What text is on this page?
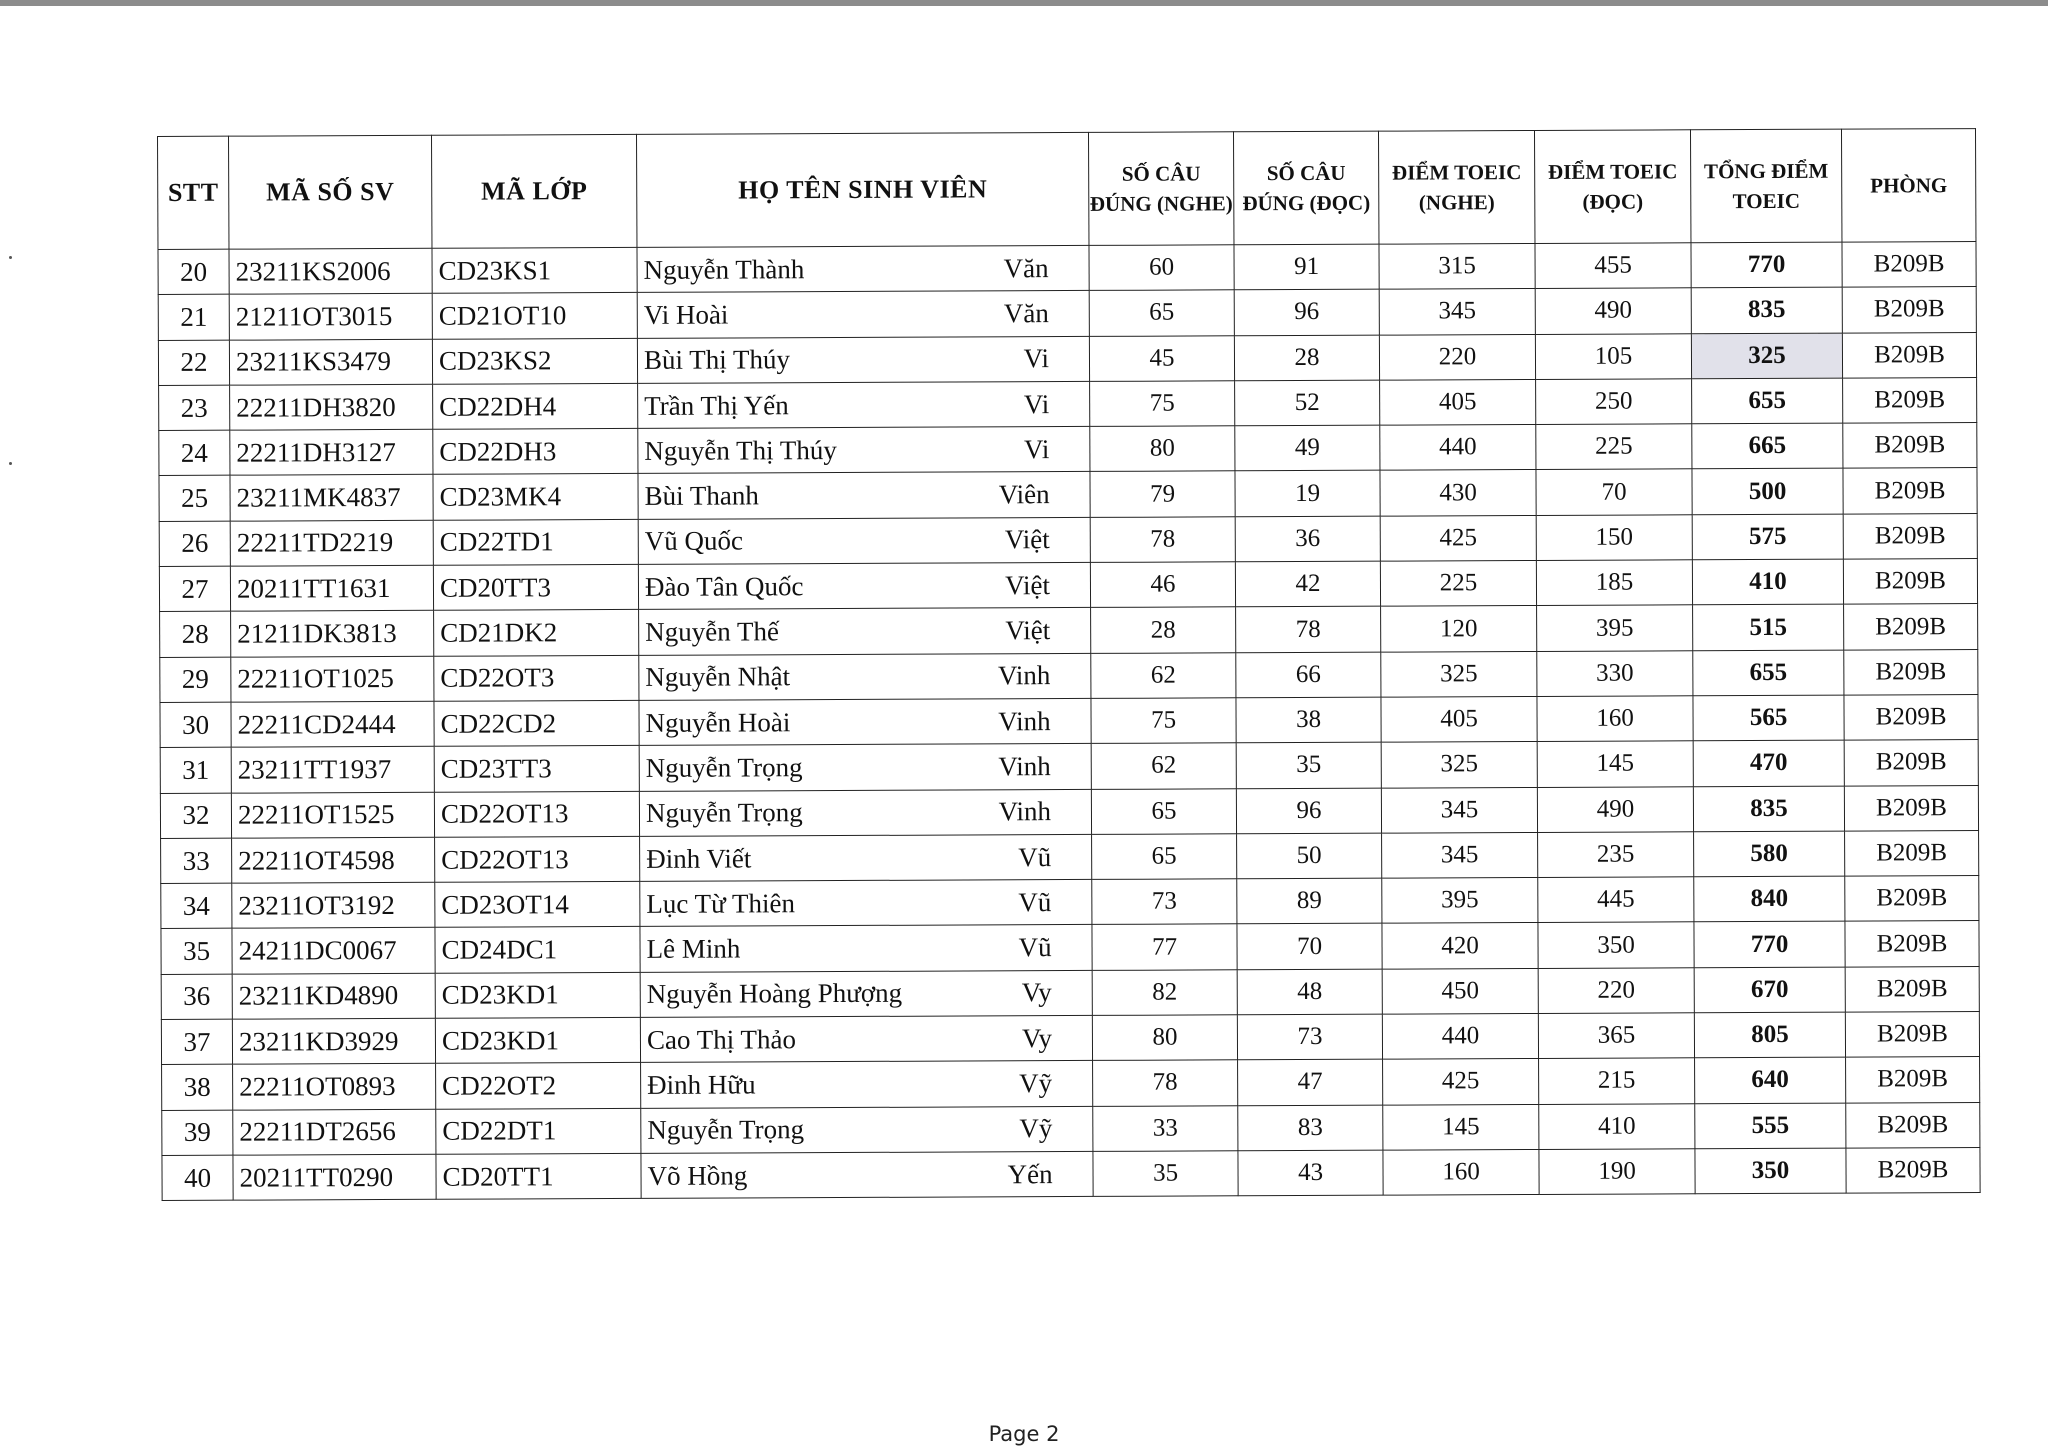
STT	MÃ SỐ SV	MÃ LỚP	HỌ TÊN SINH VIÊN	SỐ CÂU ĐÚNG (NGHE)	SỐ CÂU ĐÚNG (ĐỌC)	ĐIỂM TOEIC (NGHE)	ĐIỂM TOEIC (ĐỌC)	TỔNG ĐIỂM TOEIC	PHÒNG
20	23211KS2006	CD23KS1	Nguyễn Thành Văn	60	91	315	455	770	B209B
21	21211OT3015	CD21OT10	Vi Hoài Văn	65	96	345	490	835	B209B
22	23211KS3479	CD23KS2	Bùi Thị Thúy Vi	45	28	220	105	325	B209B
23	22211DH3820	CD22DH4	Trần Thị Yến Vi	75	52	405	250	655	B209B
24	22211DH3127	CD22DH3	Nguyễn Thị Thúy Vi	80	49	440	225	665	B209B
25	23211MK4837	CD23MK4	Bùi Thanh Viên	79	19	430	70	500	B209B
26	22211TD2219	CD22TD1	Vũ Quốc Việt	78	36	425	150	575	B209B
27	20211TT1631	CD20TT3	Đào Tân Quốc Việt	46	42	225	185	410	B209B
28	21211DK3813	CD21DK2	Nguyễn Thế Việt	28	78	120	395	515	B209B
29	22211OT1025	CD22OT3	Nguyễn Nhật Vinh	62	66	325	330	655	B209B
30	22211CD2444	CD22CD2	Nguyễn Hoài Vinh	75	38	405	160	565	B209B
31	23211TT1937	CD23TT3	Nguyễn Trọng Vinh	62	35	325	145	470	B209B
32	22211OT1525	CD22OT13	Nguyễn Trọng Vinh	65	96	345	490	835	B209B
33	22211OT4598	CD22OT13	Đinh Viết Vũ	65	50	345	235	580	B209B
34	23211OT3192	CD23OT14	Lục Từ Thiên Vũ	73	89	395	445	840	B209B
35	24211DC0067	CD24DC1	Lê Minh Vũ	77	70	420	350	770	B209B
36	23211KD4890	CD23KD1	Nguyễn Hoàng Phượng Vy	82	48	450	220	670	B209B
37	23211KD3929	CD23KD1	Cao Thị Thảo Vy	80	73	440	365	805	B209B
38	22211OT0893	CD22OT2	Đinh Hữu Vỹ	78	47	425	215	640	B209B
39	22211DT2656	CD22DT1	Nguyễn Trọng Vỹ	33	83	145	410	555	B209B
40	20211TT0290	CD20TT1	Võ Hồng Yến	35	43	160	190	350	B209B
Page 2
